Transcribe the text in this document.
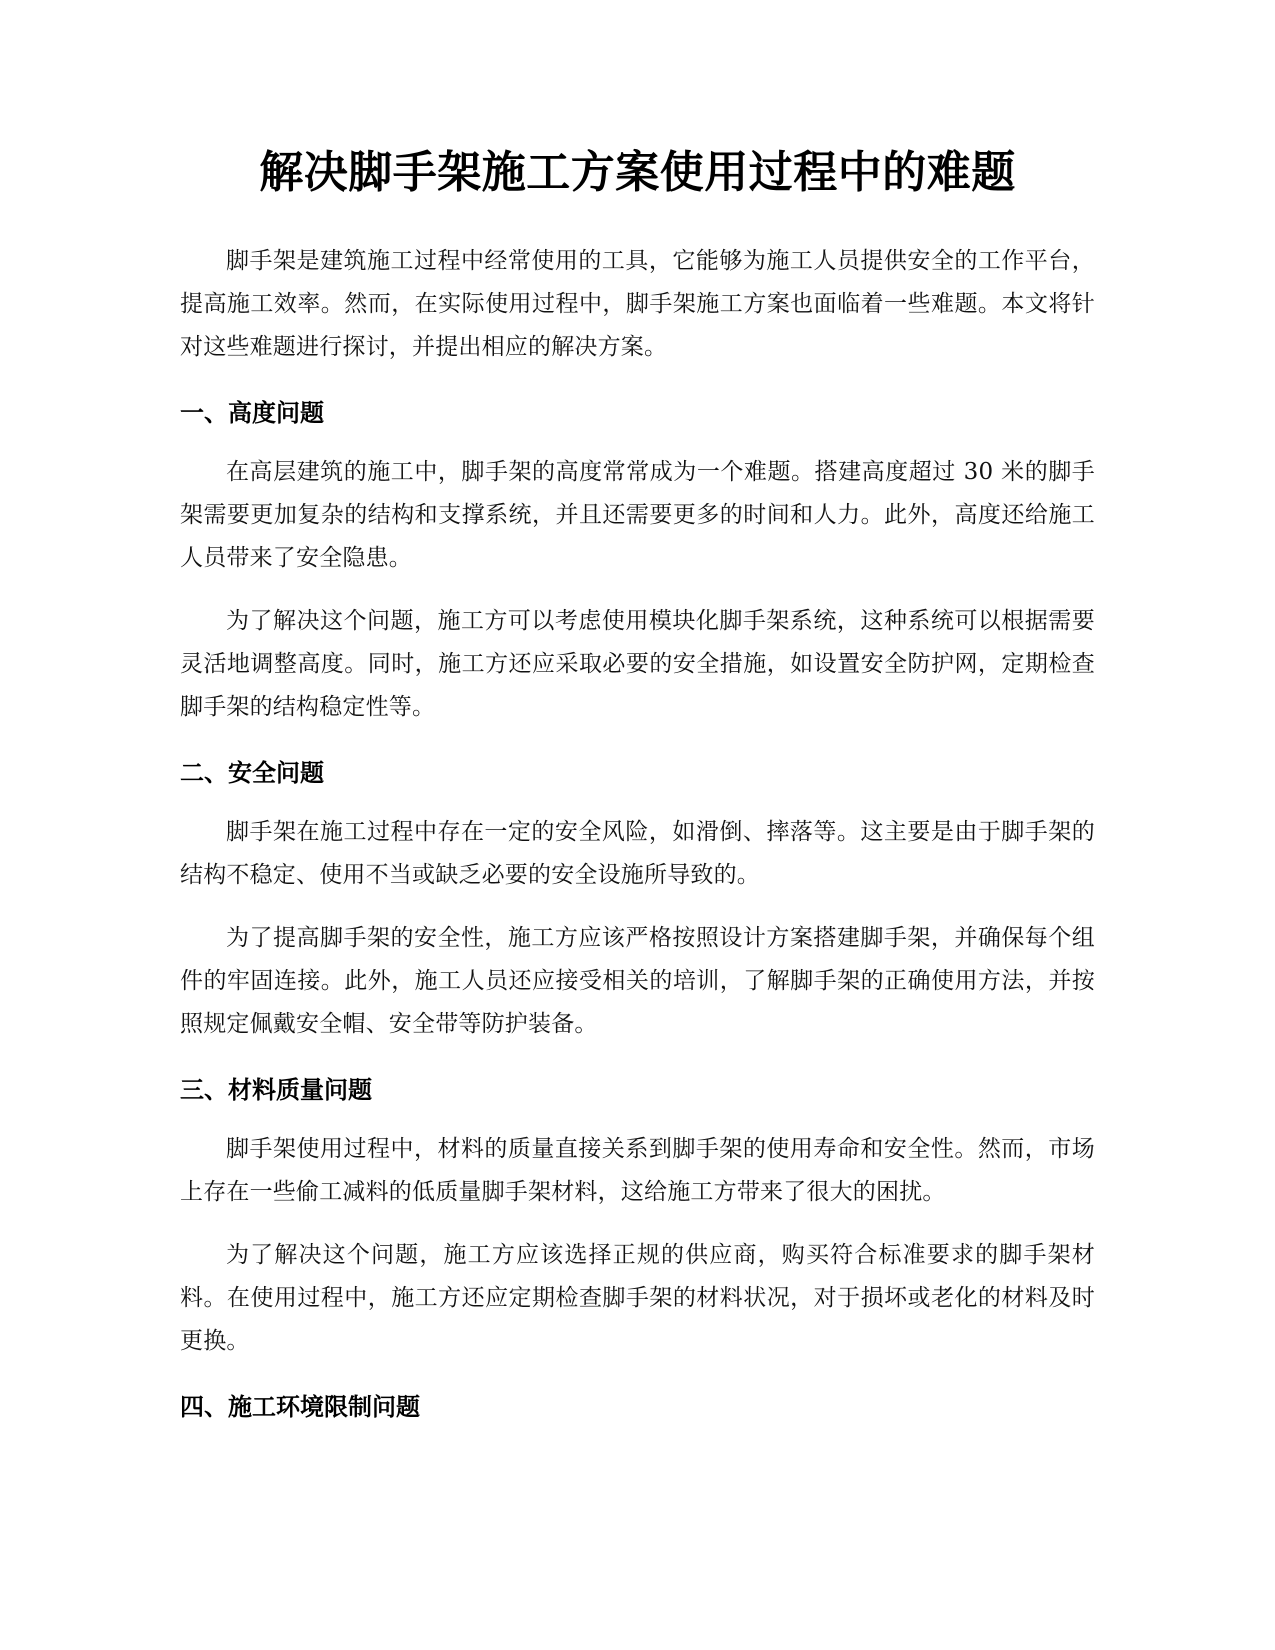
解决脚手架施工方案使用过程中的难题

脚手架是建筑施工过程中经常使用的工具，它能够为施工人员提供安全的工作平台，提高施工效率。然而，在实际使用过程中，脚手架施工方案也面临着一些难题。本文将针对这些难题进行探讨，并提出相应的解决方案。

一、高度问题

在高层建筑的施工中，脚手架的高度常常成为一个难题。搭建高度超过 30 米的脚手架需要更加复杂的结构和支撑系统，并且还需要更多的时间和人力。此外，高度还给施工人员带来了安全隐患。

为了解决这个问题，施工方可以考虑使用模块化脚手架系统，这种系统可以根据需要灵活地调整高度。同时，施工方还应采取必要的安全措施，如设置安全防护网，定期检查脚手架的结构稳定性等。

二、安全问题

脚手架在施工过程中存在一定的安全风险，如滑倒、摔落等。这主要是由于脚手架的结构不稳定、使用不当或缺乏必要的安全设施所导致的。

为了提高脚手架的安全性，施工方应该严格按照设计方案搭建脚手架，并确保每个组件的牢固连接。此外，施工人员还应接受相关的培训，了解脚手架的正确使用方法，并按照规定佩戴安全帽、安全带等防护装备。

三、材料质量问题

脚手架使用过程中，材料的质量直接关系到脚手架的使用寿命和安全性。然而，市场上存在一些偷工减料的低质量脚手架材料，这给施工方带来了很大的困扰。

为了解决这个问题，施工方应该选择正规的供应商，购买符合标准要求的脚手架材料。在使用过程中，施工方还应定期检查脚手架的材料状况，对于损坏或老化的材料及时更换。

四、施工环境限制问题
